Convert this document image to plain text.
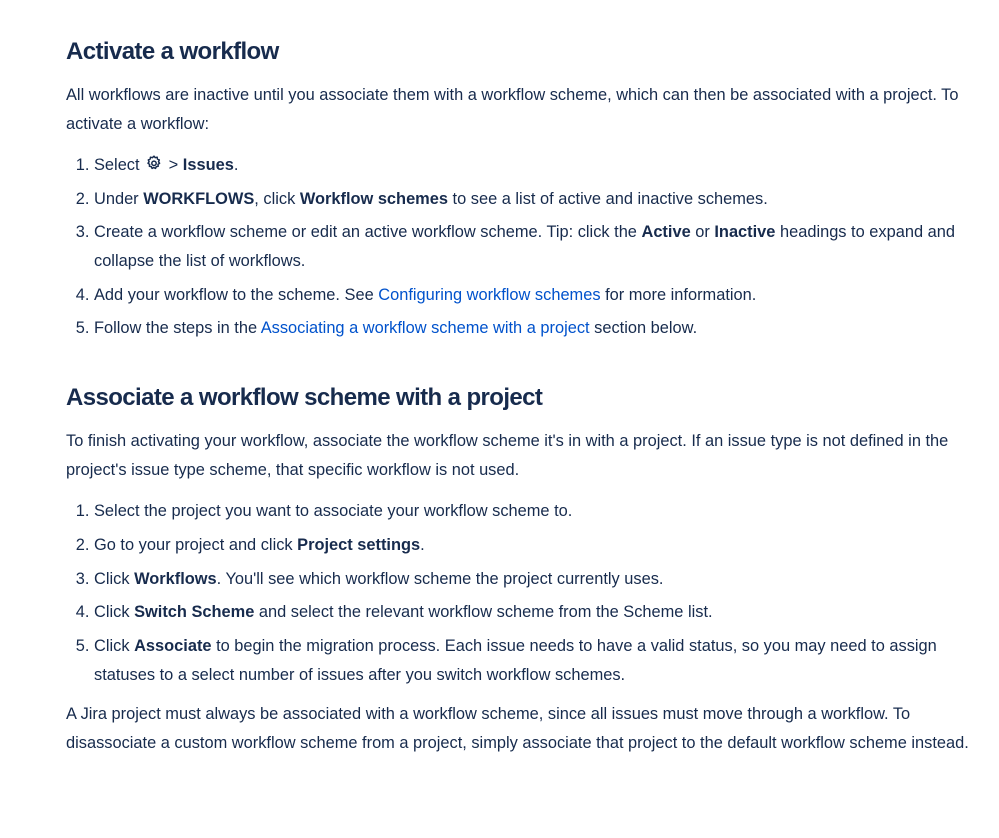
Activate a workflow

All workflows are inactive until you associate them with a workflow scheme, which can then be associated with a project. To activate a workflow:

1. Select  > Issues.
2. Under WORKFLOWS, click Workflow schemes to see a list of active and inactive schemes.
3. Create a workflow scheme or edit an active workflow scheme. Tip: click the Active or Inactive headings to expand and collapse the list of workflows.
4. Add your workflow to the scheme. See Configuring workflow schemes for more information.
5. Follow the steps in the Associating a workflow scheme with a project section below.
Associate a workflow scheme with a project

To finish activating your workflow, associate the workflow scheme it's in with a project. If an issue type is not defined in the project's issue type scheme, that specific workflow is not used.

1. Select the project you want to associate your workflow scheme to.
2. Go to your project and click Project settings.
3. Click Workflows. You'll see which workflow scheme the project currently uses.
4. Click Switch Scheme and select the relevant workflow scheme from the Scheme list.
5. Click Associate to begin the migration process. Each issue needs to have a valid status, so you may need to assign statuses to a select number of issues after you switch workflow schemes.

A Jira project must always be associated with a workflow scheme, since all issues must move through a workflow. To disassociate a custom workflow scheme from a project, simply associate that project to the default workflow scheme instead.
